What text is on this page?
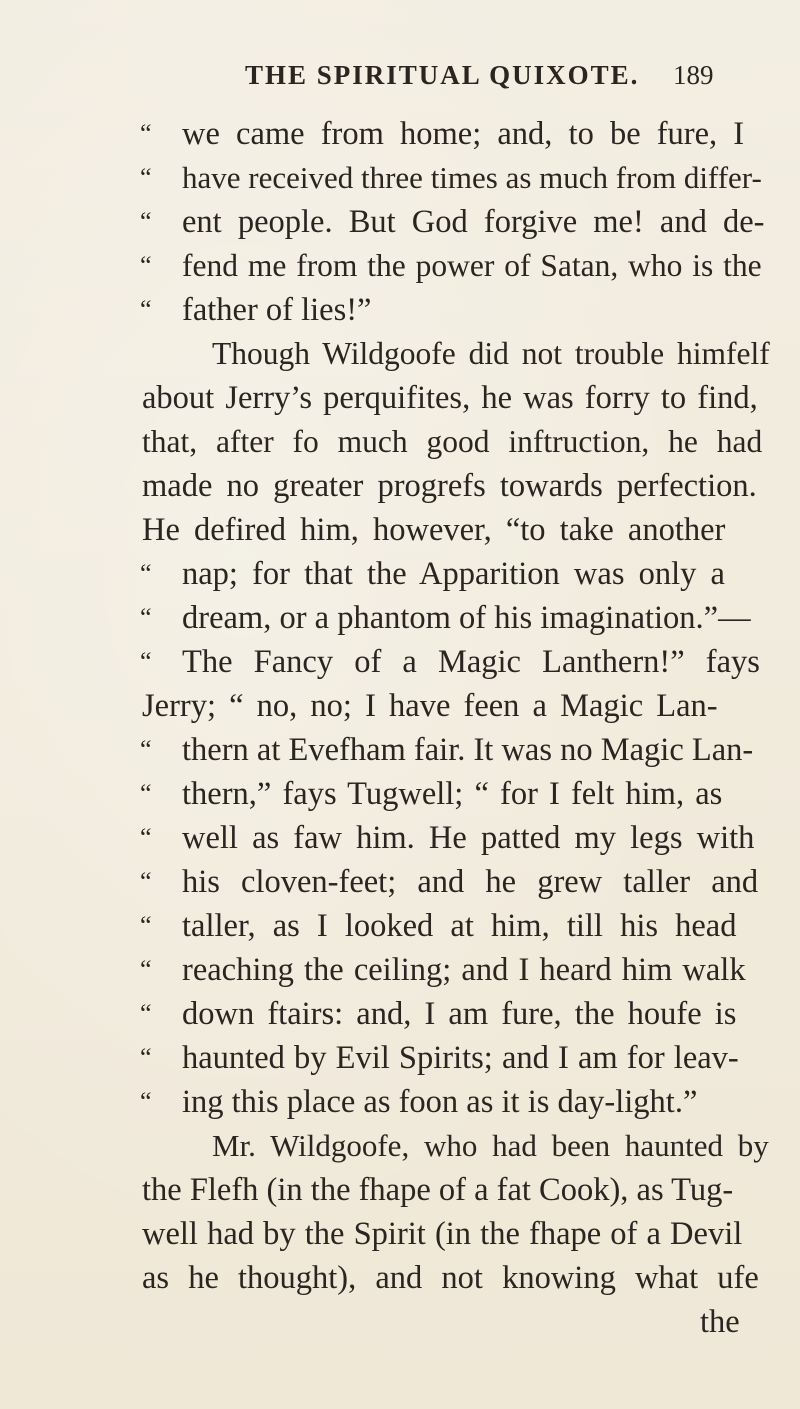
THE SPIRITUAL QUIXOTE. 189
“ we came from home; and, to be fure, I
“ have received three times as much from differ-
“ ent people. But God forgive me! and de-
“ fend me from the power of Satan, who is the
“ father of lies!”
Though Wildgoofe did not trouble himfelf
about Jerry’s perquifites, he was forry to find,
that, after fo much good inftruction, he had
made no greater progrefs towards perfection.
He defired him, however, “to take another
“ nap; for that the Apparition was only a
“ dream, or a phantom of his imagination.”—
“ The Fancy of a Magic Lanthern!” fays
Jerry; “ no, no; I have feen a Magic Lan-
“ thern at Evefham fair. It was no Magic Lan-
“ thern,” fays Tugwell; “ for I felt him, as
“ well as faw him. He patted my legs with
“ his cloven-feet; and he grew taller and
“ taller, as I looked at him, till his head
“ reaching the ceiling; and I heard him walk
“ down ftairs: and, I am fure, the houfe is
“ haunted by Evil Spirits; and I am for leav-
“ ing this place as foon as it is day-light.”
Mr. Wildgoofe, who had been haunted by
the Flefh (in the fhape of a fat Cook), as Tug-
well had by the Spirit (in the fhape of a Devil
as he thought), and not knowing what ufe
the
